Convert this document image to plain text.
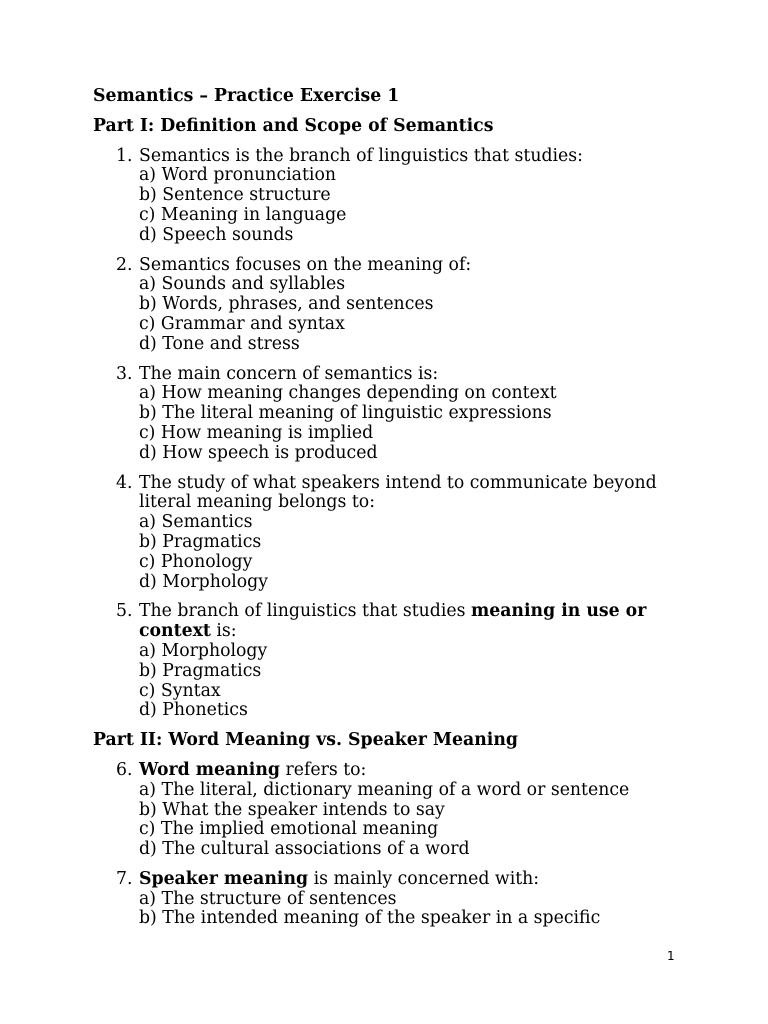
Semantics – Practice Exercise 1
Part I: Definition and Scope of Semantics
1. Semantics is the branch of linguistics that studies:
a) Word pronunciation
b) Sentence structure
c) Meaning in language
d) Speech sounds
2. Semantics focuses on the meaning of:
a) Sounds and syllables
b) Words, phrases, and sentences
c) Grammar and syntax
d) Tone and stress
3. The main concern of semantics is:
a) How meaning changes depending on context
b) The literal meaning of linguistic expressions
c) How meaning is implied
d) How speech is produced
4. The study of what speakers intend to communicate beyond literal meaning belongs to:
a) Semantics
b) Pragmatics
c) Phonology
d) Morphology
5. The branch of linguistics that studies meaning in use or context is:
a) Morphology
b) Pragmatics
c) Syntax
d) Phonetics
Part II: Word Meaning vs. Speaker Meaning
6. Word meaning refers to:
a) The literal, dictionary meaning of a word or sentence
b) What the speaker intends to say
c) The implied emotional meaning
d) The cultural associations of a word
7. Speaker meaning is mainly concerned with:
a) The structure of sentences
b) The intended meaning of the speaker in a specific
1
